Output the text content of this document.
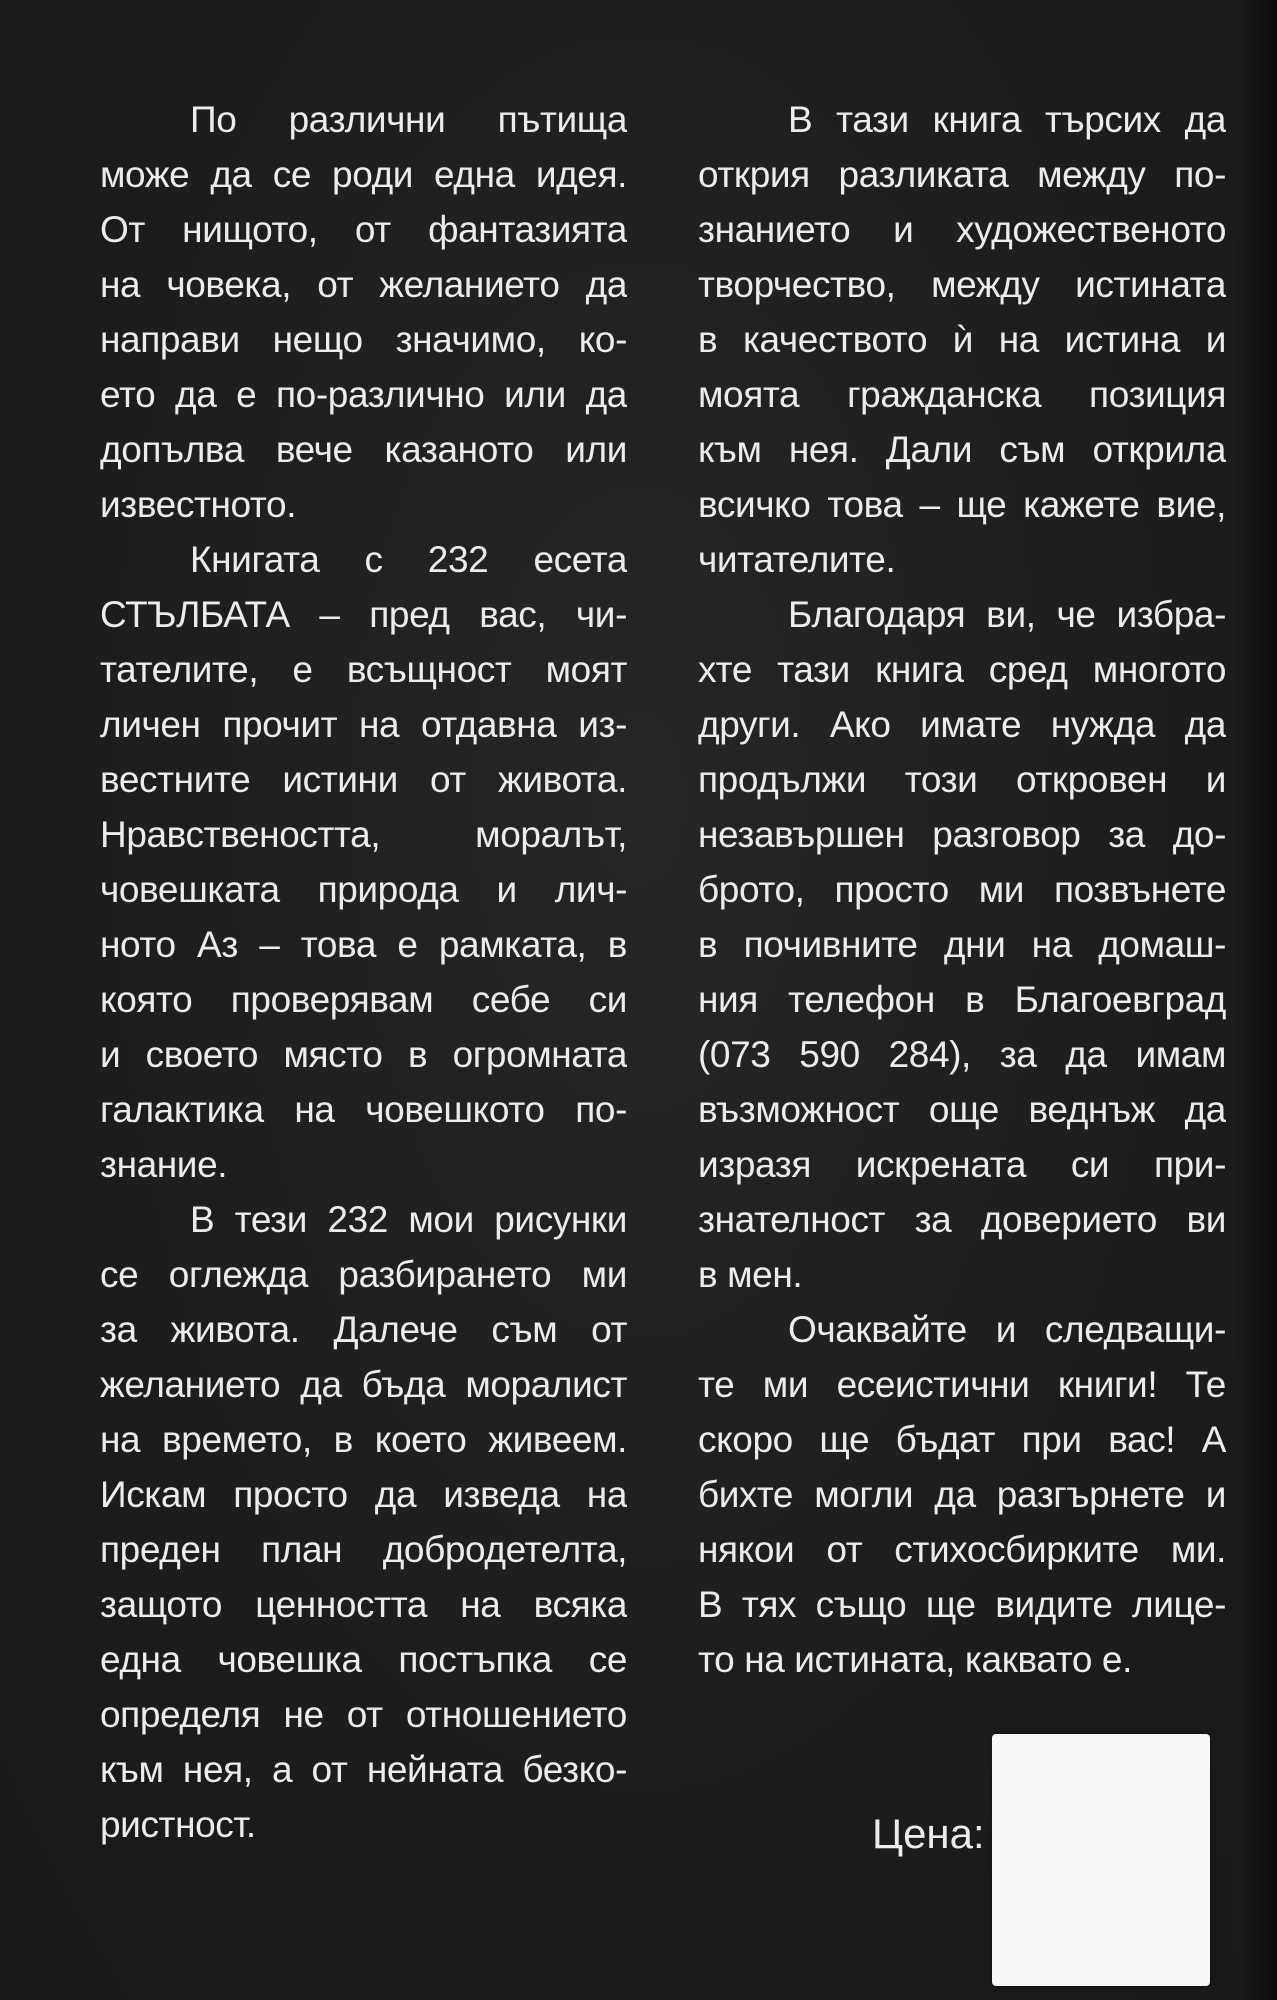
По различни пътища
може да се роди една идея.
От нищото, от фантазията
на човека, от желанието да
направи нещо значимо, ко-
ето да е по-различно или да
допълва вече казаното или
известното.
Книгата с 232 есета
СТЪЛБАТА – пред вас, чи-
тателите, е всъщност моят
личен прочит на отдавна из-
вестните истини от живота.
Нравствеността, моралът,
човешката природа и лич-
ното Аз – това е рамката, в
която проверявам себе си
и своето място в огромната
галактика на човешкото по-
знание.
В тези 232 мои рисунки
се оглежда разбирането ми
за живота. Далече съм от
желанието да бъда моралист
на времето, в което живеем.
Искам просто да изведа на
преден план добродетелта,
защото ценността на всяка
една човешка постъпка се
определя не от отношението
към нея, а от нейната безко-
ристност.
В тази книга търсих да
открия разликата между по-
знанието и художественото
творчество, между истината
в качеството ѝ на истина и
моята гражданска позиция
към нея. Дали съм открила
всичко това – ще кажете вие,
читателите.
Благодаря ви, че избра-
хте тази книга сред многото
други. Ако имате нужда да
продължи този откровен и
незавършен разговор за до-
брото, просто ми позвънете
в почивните дни на домаш-
ния телефон в Благоевград
(073 590 284), за да имам
възможност още веднъж да
изразя искрената си при-
знателност за доверието ви
в мен.
Очаквайте и следващи-
те ми есеистични книги! Те
скоро ще бъдат при вас! А
бихте могли да разгърнете и
някои от стихосбирките ми.
В тях също ще видите лице-
то на истината, каквато е.
Цена:
